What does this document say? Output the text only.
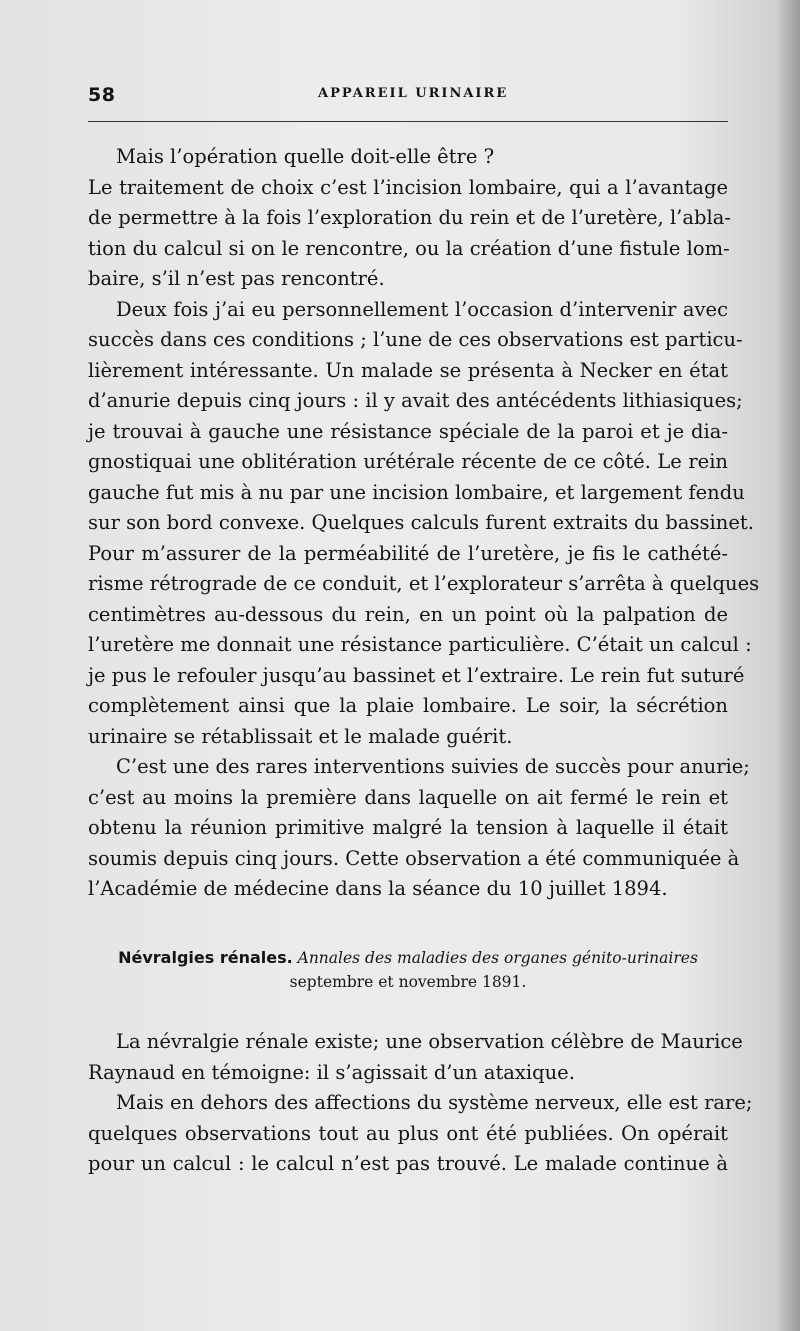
58	APPAREIL URINAIRE
Mais l’opération quelle doit-elle être ?
Le traitement de choix c’est l’incision lombaire, qui a l’avantage
de permettre à la fois l’exploration du rein et de l’uretère, l’abla-
tion du calcul si on le rencontre, ou la création d’une fistule lom-
baire, s’il n’est pas rencontré.
Deux fois j’ai eu personnellement l’occasion d’intervenir avec
succès dans ces conditions ; l’une de ces observations est particu-
lièrement intéressante. Un malade se présenta à Necker en état
d’anurie depuis cinq jours : il y avait des antécédents lithiasiques;
je trouvai à gauche une résistance spéciale de la paroi et je dia-
gnostiquai une oblitération urétérale récente de ce côté. Le rein
gauche fut mis à nu par une incision lombaire, et largement fendu
sur son bord convexe. Quelques calculs furent extraits du bassinet.
Pour m’assurer de la perméabilité de l’uretère, je fis le cathété-
risme rétrograde de ce conduit, et l’explorateur s’arrêta à quelques
centimètres au-dessous du rein, en un point où la palpation de
l’uretère me donnait une résistance particulière. C’était un calcul :
je pus le refouler jusqu’au bassinet et l’extraire. Le rein fut suturé
complètement ainsi que la plaie lombaire. Le soir, la sécrétion
urinaire se rétablissait et le malade guérit.
C’est une des rares interventions suivies de succès pour anurie;
c’est au moins la première dans laquelle on ait fermé le rein et
obtenu la réunion primitive malgré la tension à laquelle il était
soumis depuis cinq jours. Cette observation a été communiquée à
l’Académie de médecine dans la séance du 10 juillet 1894.
Névralgies rénales. Annales des maladies des organes génito-urinaires
septembre et novembre 1891.
La névralgie rénale existe; une observation célèbre de Maurice
Raynaud en témoigne: il s’agissait d’un ataxique.
Mais en dehors des affections du système nerveux, elle est rare;
quelques observations tout au plus ont été publiées. On opérait
pour un calcul : le calcul n’est pas trouvé. Le malade continue à
